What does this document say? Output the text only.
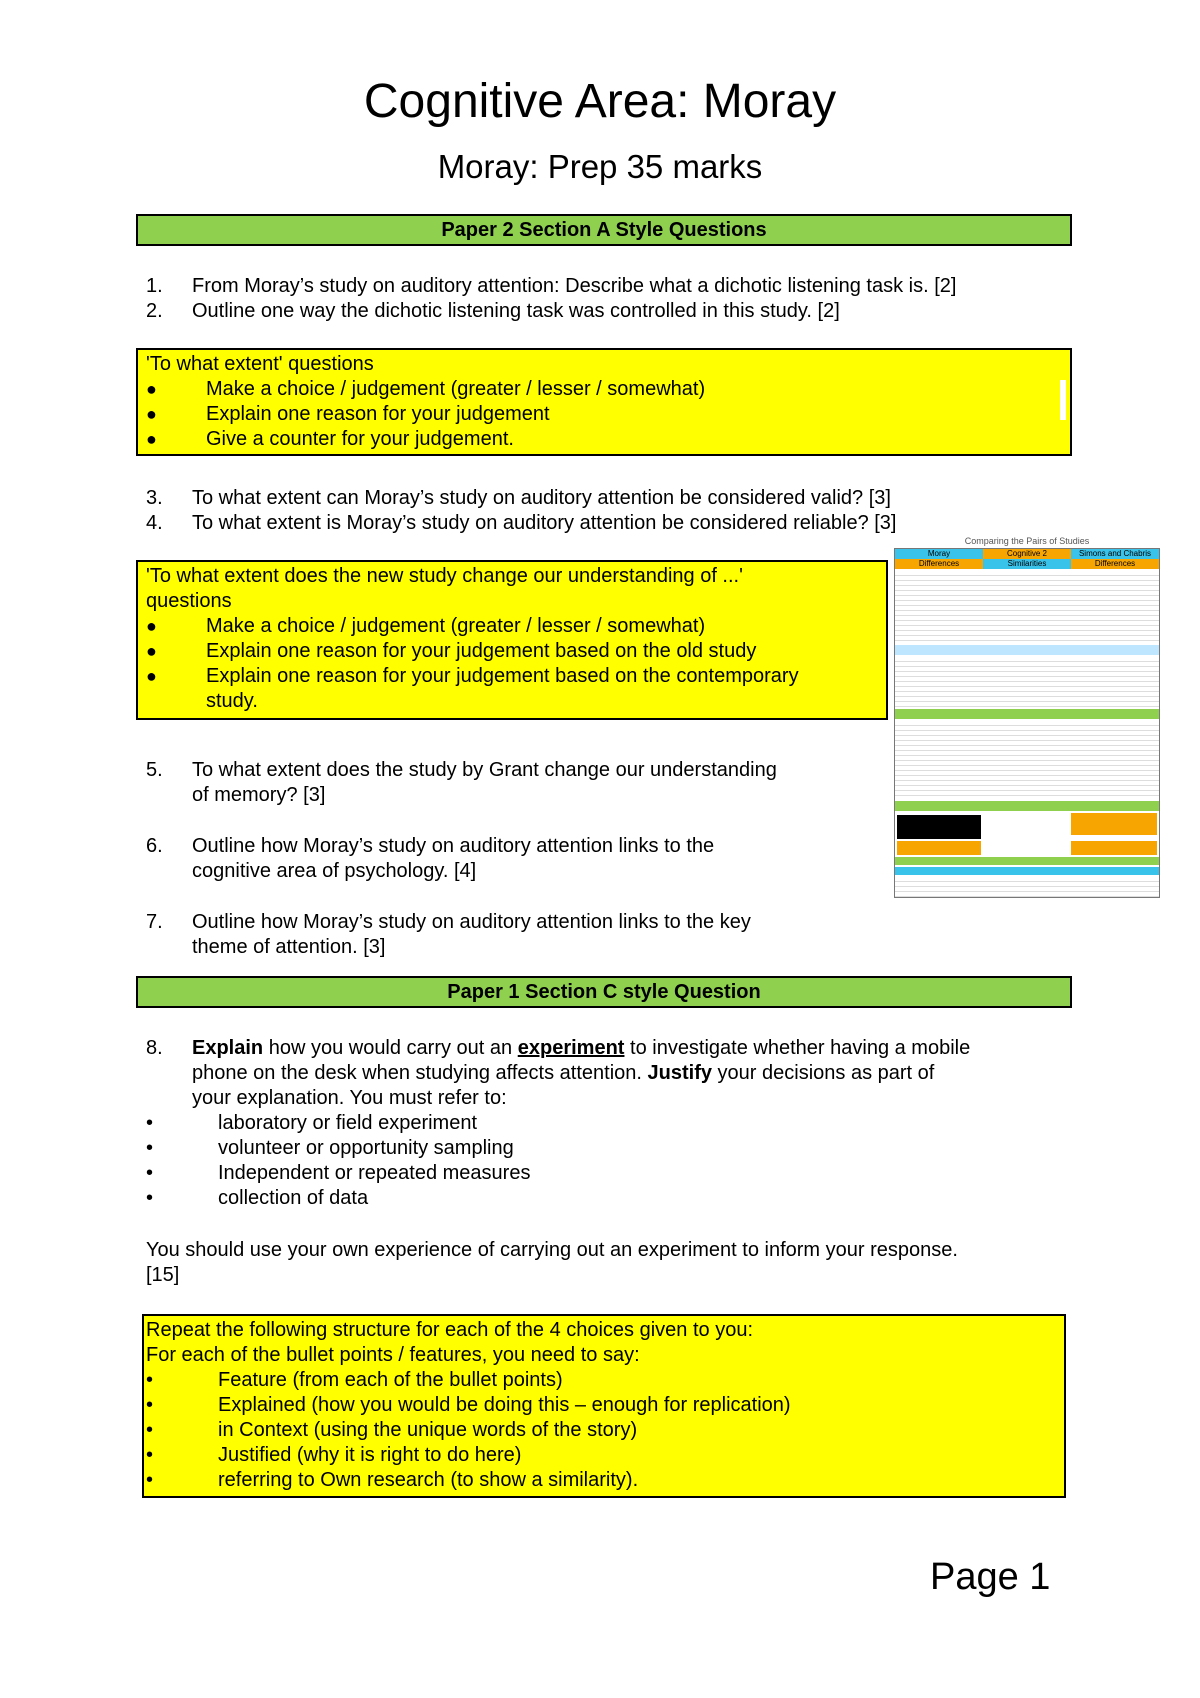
Cognitive Area: Moray
Moray: Prep 35 marks
Paper 2 Section A Style Questions
1.	From Moray’s study on auditory attention: Describe what a dichotic listening task is. [2]
2.	Outline one way the dichotic listening task was controlled in this study. [2]
'To what extent' questions
● Make a choice / judgement (greater / lesser / somewhat)
● Explain one reason for your judgement
● Give a counter for your judgement.
3.	To what extent can Moray’s study on auditory attention be considered valid? [3]
4.	To what extent is Moray’s study on auditory attention be considered reliable? [3]
'To what extent does the new study change our understanding of ...'
questions
● Make a choice / judgement (greater / lesser / somewhat)
● Explain one reason for your judgement based on the old study
● Explain one reason for your judgement based on the contemporary
study.
Comparing the Pairs of Studies
Moray	Cognitive 2	Simons and Chabris
Differences	Similarities	Differences
5.	To what extent does the study by Grant change our understanding
of memory? [3]
6.	Outline how Moray’s study on auditory attention links to the
cognitive area of psychology. [4]
7.	Outline how Moray’s study on auditory attention links to the key
theme of attention. [3]
Paper 1 Section C style Question
8.	Explain how you would carry out an experiment to investigate whether having a mobile
phone on the desk when studying affects attention. Justify your decisions as part of
your explanation. You must refer to:
•	laboratory or field experiment
•	volunteer or opportunity sampling
•	Independent or repeated measures
•	collection of data
You should use your own experience of carrying out an experiment to inform your response.
[15]
Repeat the following structure for each of the 4 choices given to you:
For each of the bullet points / features, you need to say:
•	Feature (from each of the bullet points)
•	Explained (how you would be doing this – enough for replication)
•	in Context (using the unique words of the story)
•	Justified (why it is right to do here)
•	referring to Own research (to show a similarity).
Page 1
